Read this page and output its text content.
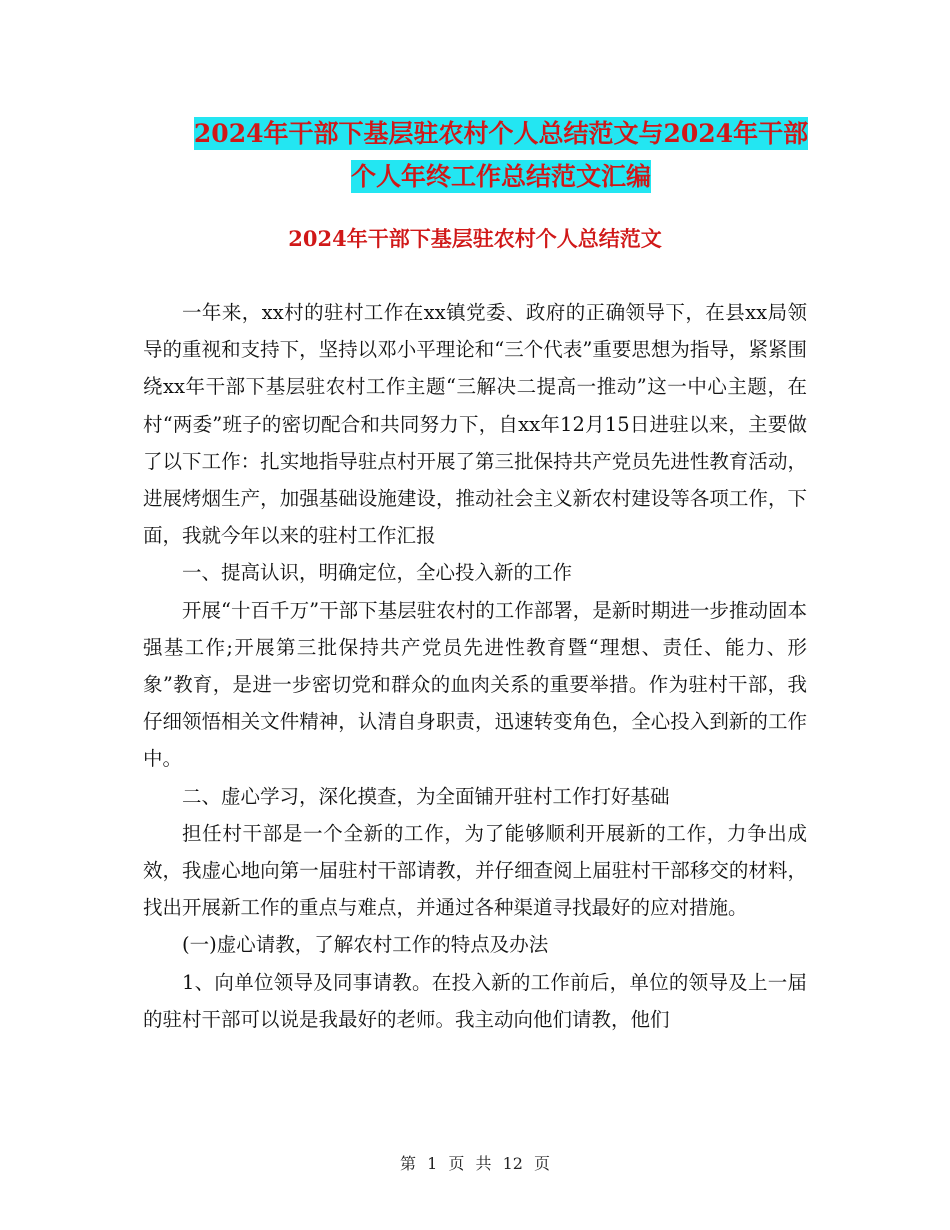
2024年干部下基层驻农村个人总结范文与2024年干部
个人年终工作总结范文汇编
2024年干部下基层驻农村个人总结范文

一年来，xx村的驻村工作在xx镇党委、政府的正确领导下，在县xx局领导的重视和支持下，坚持以邓小平理论和“三个代表”重要思想为指导，紧紧围绕xx年干部下基层驻农村工作主题“三解决二提高一推动”这一中心主题，在村“两委”班子的密切配合和共同努力下，自xx年12月15日进驻以来，主要做了以下工作：扎实地指导驻点村开展了第三批保持共产党员先进性教育活动，进展烤烟生产，加强基础设施建设，推动社会主义新农村建设等各项工作，下面，我就今年以来的驻村工作汇报

一、提高认识，明确定位，全心投入新的工作

开展“十百千万”干部下基层驻农村的工作部署，是新时期进一步推动固本强基工作;开展第三批保持共产党员先进性教育暨“理想、责任、能力、形象”教育，是进一步密切党和群众的血肉关系的重要举措。作为驻村干部，我仔细领悟相关文件精神，认清自身职责，迅速转变角色，全心投入到新的工作中。

二、虚心学习，深化摸查，为全面铺开驻村工作打好基础

担任村干部是一个全新的工作，为了能够顺利开展新的工作，力争出成效，我虚心地向第一届驻村干部请教，并仔细查阅上届驻村干部移交的材料，找出开展新工作的重点与难点，并通过各种渠道寻找最好的应对措施。

(一)虚心请教，了解农村工作的特点及办法

1、向单位领导及同事请教。在投入新的工作前后，单位的领导及上一届的驻村干部可以说是我最好的老师。我主动向他们请教，他们

第 1 页 共 12 页
